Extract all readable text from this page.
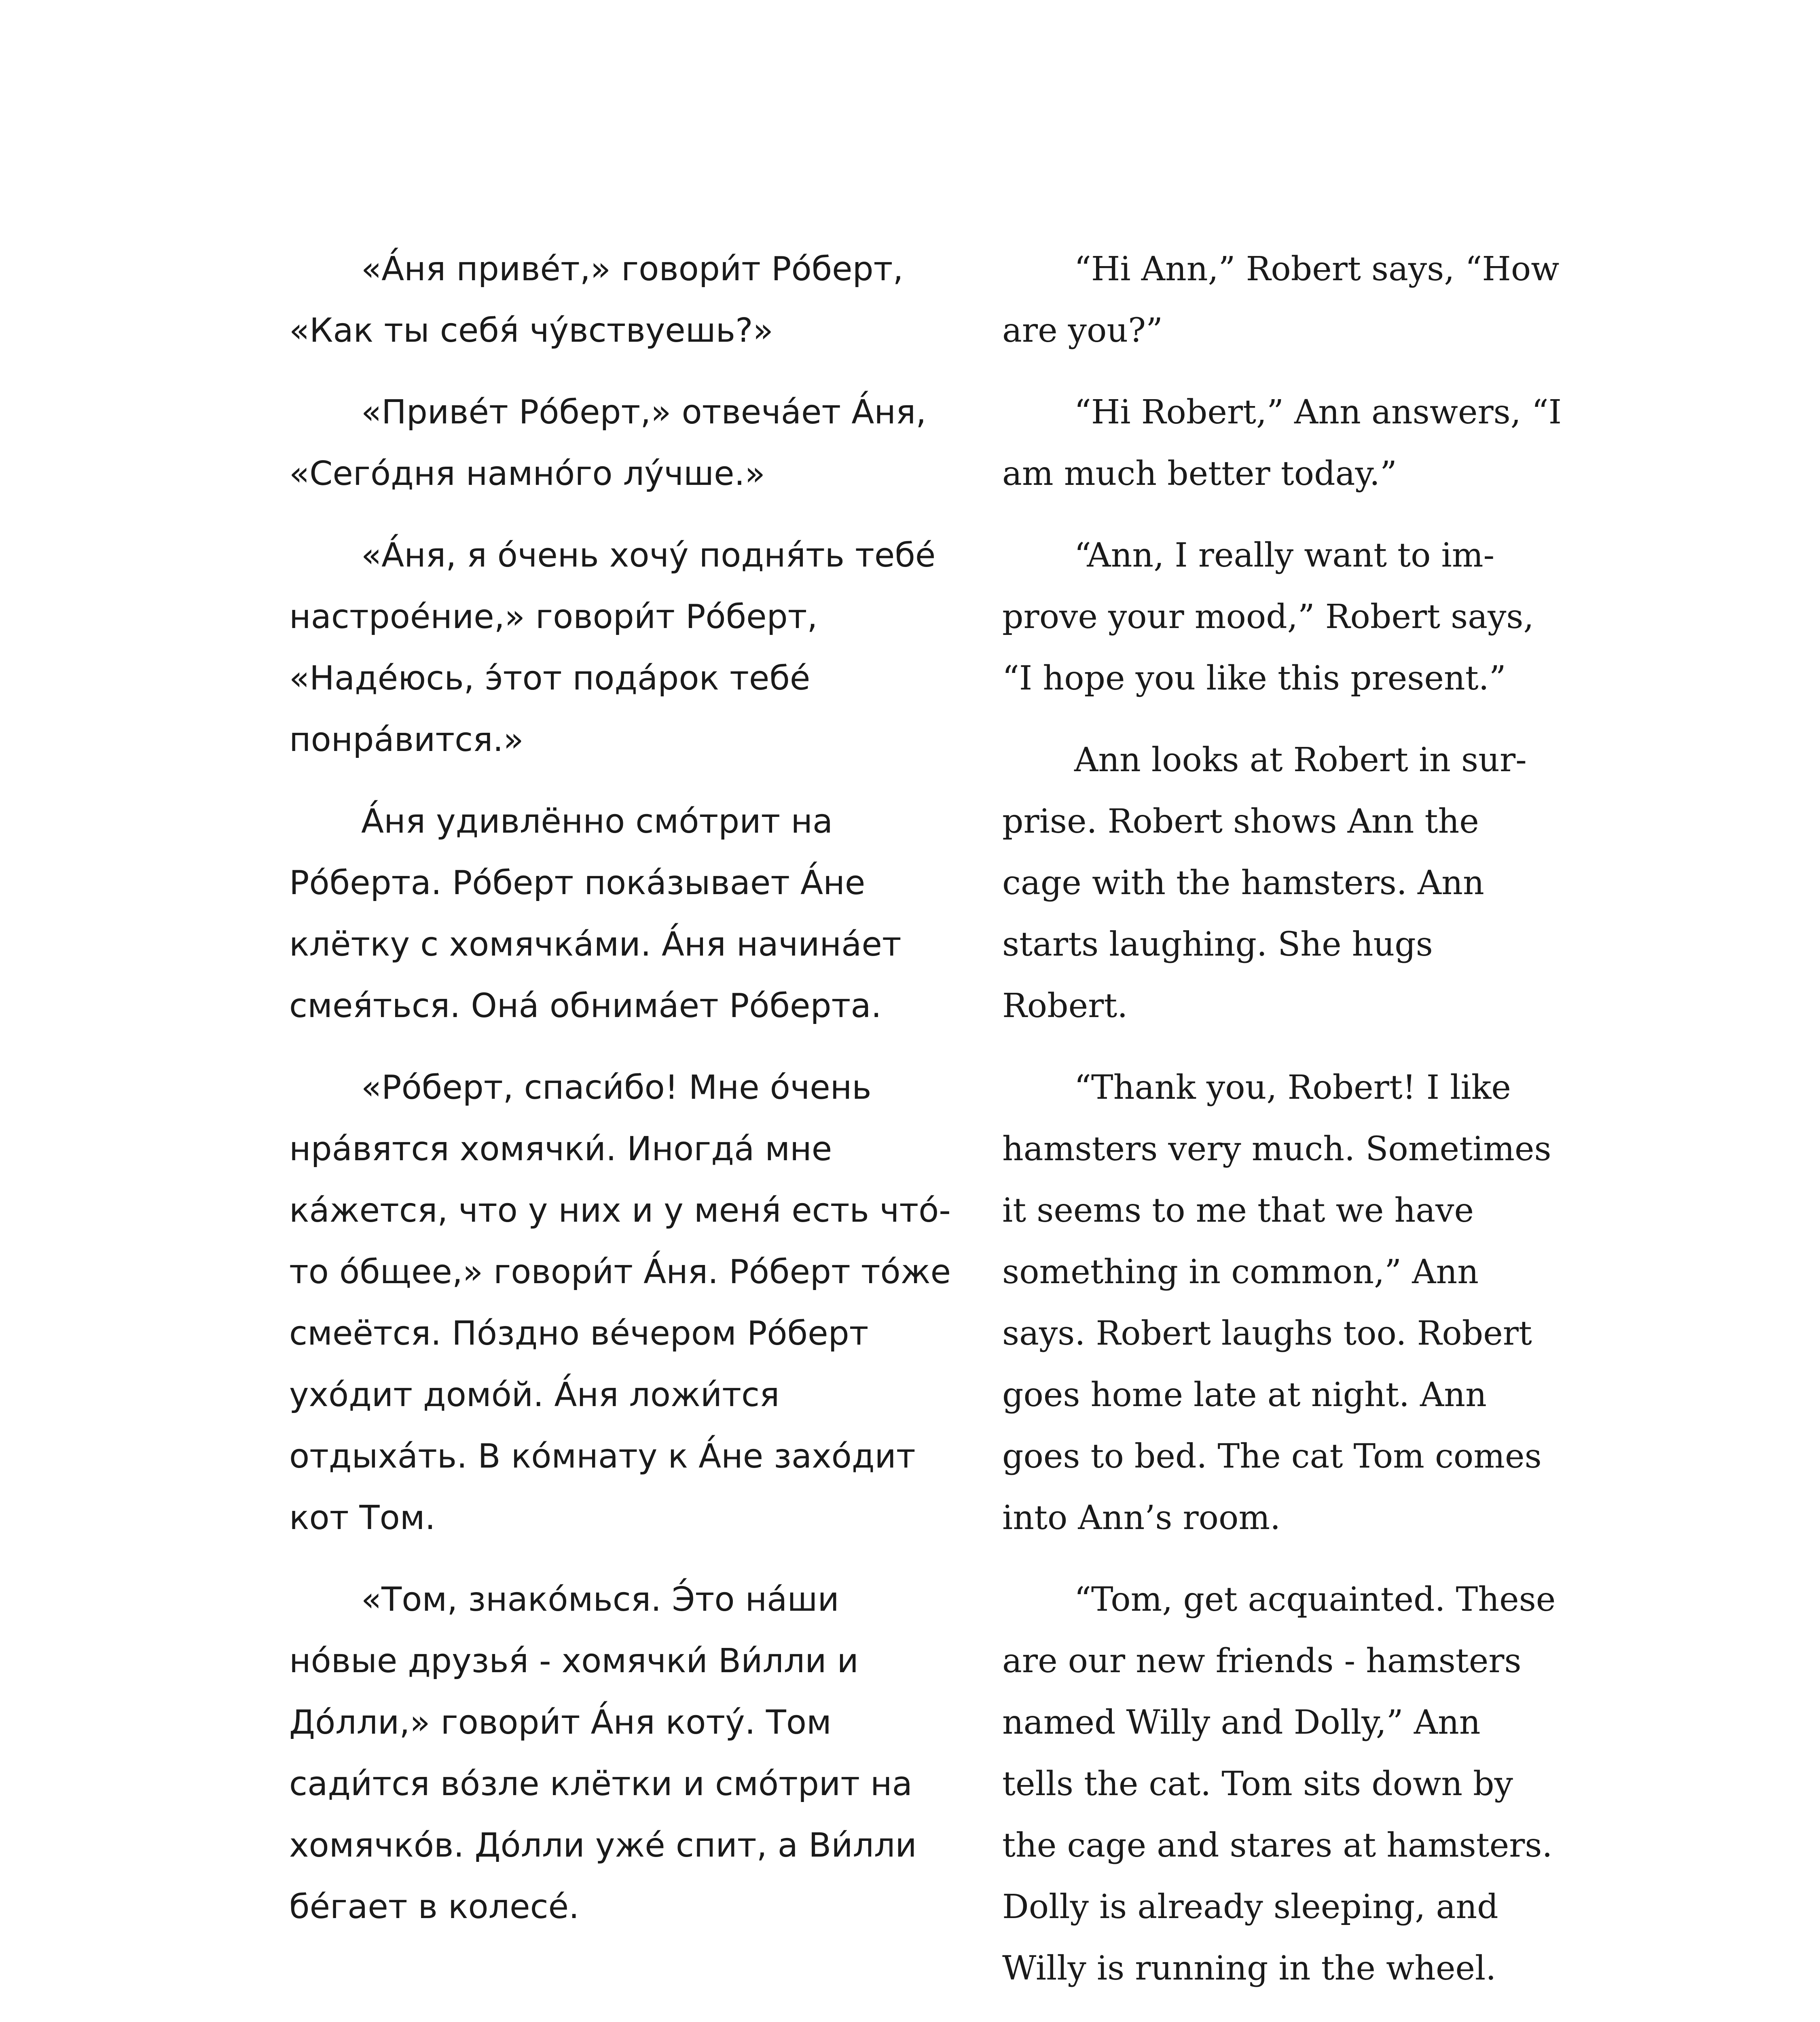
«А́ня приве́т,» говори́т Ро́берт,
«Как ты себя́ чу́вствуешь?»

«Приве́т Ро́берт,» отвеча́ет А́ня,
«Сего́дня намно́го лу́чше.»

«А́ня, я о́чень хочу́ подня́ть тебе́
настрое́ние,» говори́т Ро́берт,
«Наде́юсь, э́тот пода́рок тебе́
понра́вится.»

А́ня удивлённо смо́трит на
Ро́берта. Ро́берт пока́зывает А́не
клётку с хомячка́ми. А́ня начина́ет
смея́ться. Она́ обнима́ет Ро́берта.

«Ро́берт, спаси́бо! Мне о́чень
нра́вятся хомячки́. Иногда́ мне
ка́жется, что у них и у меня́ есть что́-
то о́бщее,» говори́т А́ня. Ро́берт то́же
смеётся. По́здно ве́чером Ро́берт
ухо́дит домо́й. А́ня ложи́тся
отдыха́ть. В ко́мнату к А́не захо́дит
кот Том.

«Том, знако́мься. Э́то на́ши
но́вые друзья́ - хомячки́ Ви́лли и
До́лли,» говори́т А́ня коту́. Том
сади́тся во́зле клётки и смо́трит на
хомячко́в. До́лли уже́ спит, а Ви́лли
бе́гает в колесе́.

“Hi Ann,” Robert says, “How
are you?”

“Hi Robert,” Ann answers, “I
am much better today.”

“Ann, I really want to im-
prove your mood,” Robert says,
“I hope you like this present.”

Ann looks at Robert in sur-
prise. Robert shows Ann the
cage with the hamsters. Ann
starts laughing. She hugs Robert.

“Thank you, Robert! I like
hamsters very much. Sometimes
it seems to me that we have
something in common,” Ann
says. Robert laughs too. Robert
goes home late at night. Ann
goes to bed. The cat Tom comes
into Ann’s room.

“Tom, get acquainted. These
are our new friends - hamsters
named Willy and Dolly,” Ann
tells the cat. Tom sits down by
the cage and stares at hamsters.
Dolly is already sleeping, and
Willy is running in the wheel.
